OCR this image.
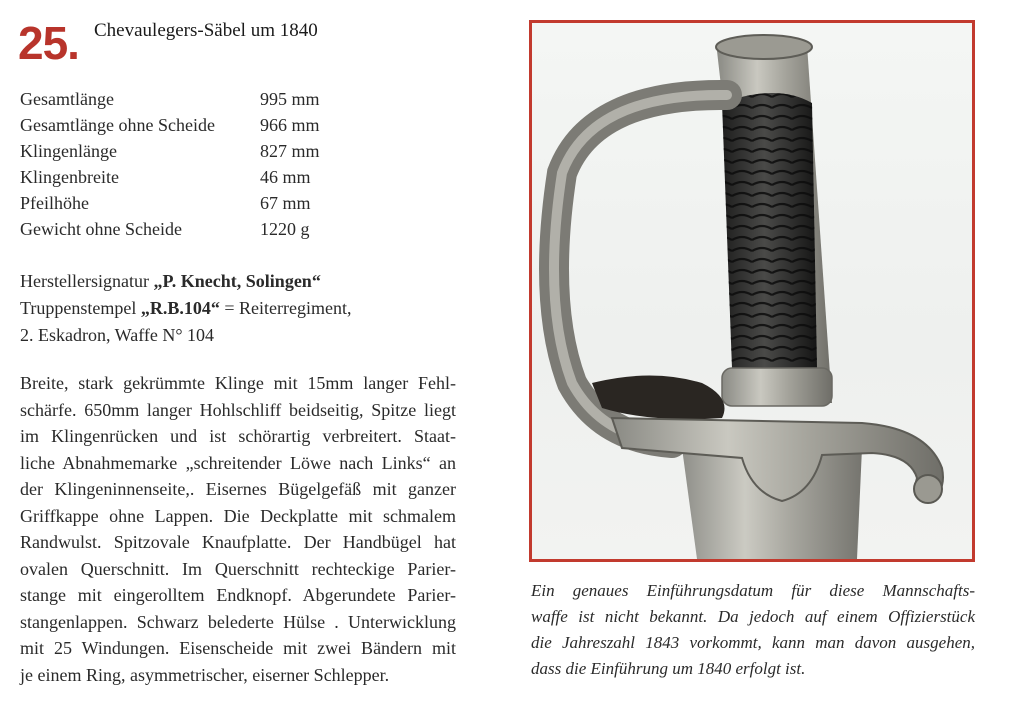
25. Chevaulegers-Säbel um 1840
Gesamtlänge	995 mm
Gesamtlänge ohne Scheide	966 mm
Klingenlänge	827 mm
Klingenbreite	46 mm
Pfeilhöhe	67 mm
Gewicht ohne Scheide	1220 g
Herstellersignatur „P. Knecht, Solingen“
Truppenstempel „R.B.104“ = Reiterregiment,
2. Eskadron, Waffe N° 104
Breite, stark gekrümmte Klinge mit 15mm langer Fehl-
schärfe. 650mm langer Hohlschliff beidseitig, Spitze liegt
im Klingenrücken und ist schörartig verbreitert. Staat-
liche Abnahmemarke „schreitender Löwe nach Links“ an
der Klingeninnenseite,. Eisernes Bügelgefäß mit ganzer
Griffkappe ohne Lappen. Die Deckplatte mit schmalem
Randwulst. Spitzovale Knaufplatte. Der Handbügel hat
ovalen Querschnitt. Im Querschnitt rechteckige Parier-
stange mit eingerolltem Endknopf. Abgerundete Parier-
stangenlappen. Schwarz belederte Hülse . Unterwicklung
mit 25 Windungen. Eisenscheide mit zwei Bändern mit
je einem Ring, asymmetrischer, eiserner Schlepper.
Ein genaues Einführungsdatum für diese Mannschafts-
waffe ist nicht bekannt. Da jedoch auf einem Offizierstück
die Jahreszahl 1843 vorkommt, kann man davon ausgehen,
dass die Einführung um 1840 erfolgt ist.
